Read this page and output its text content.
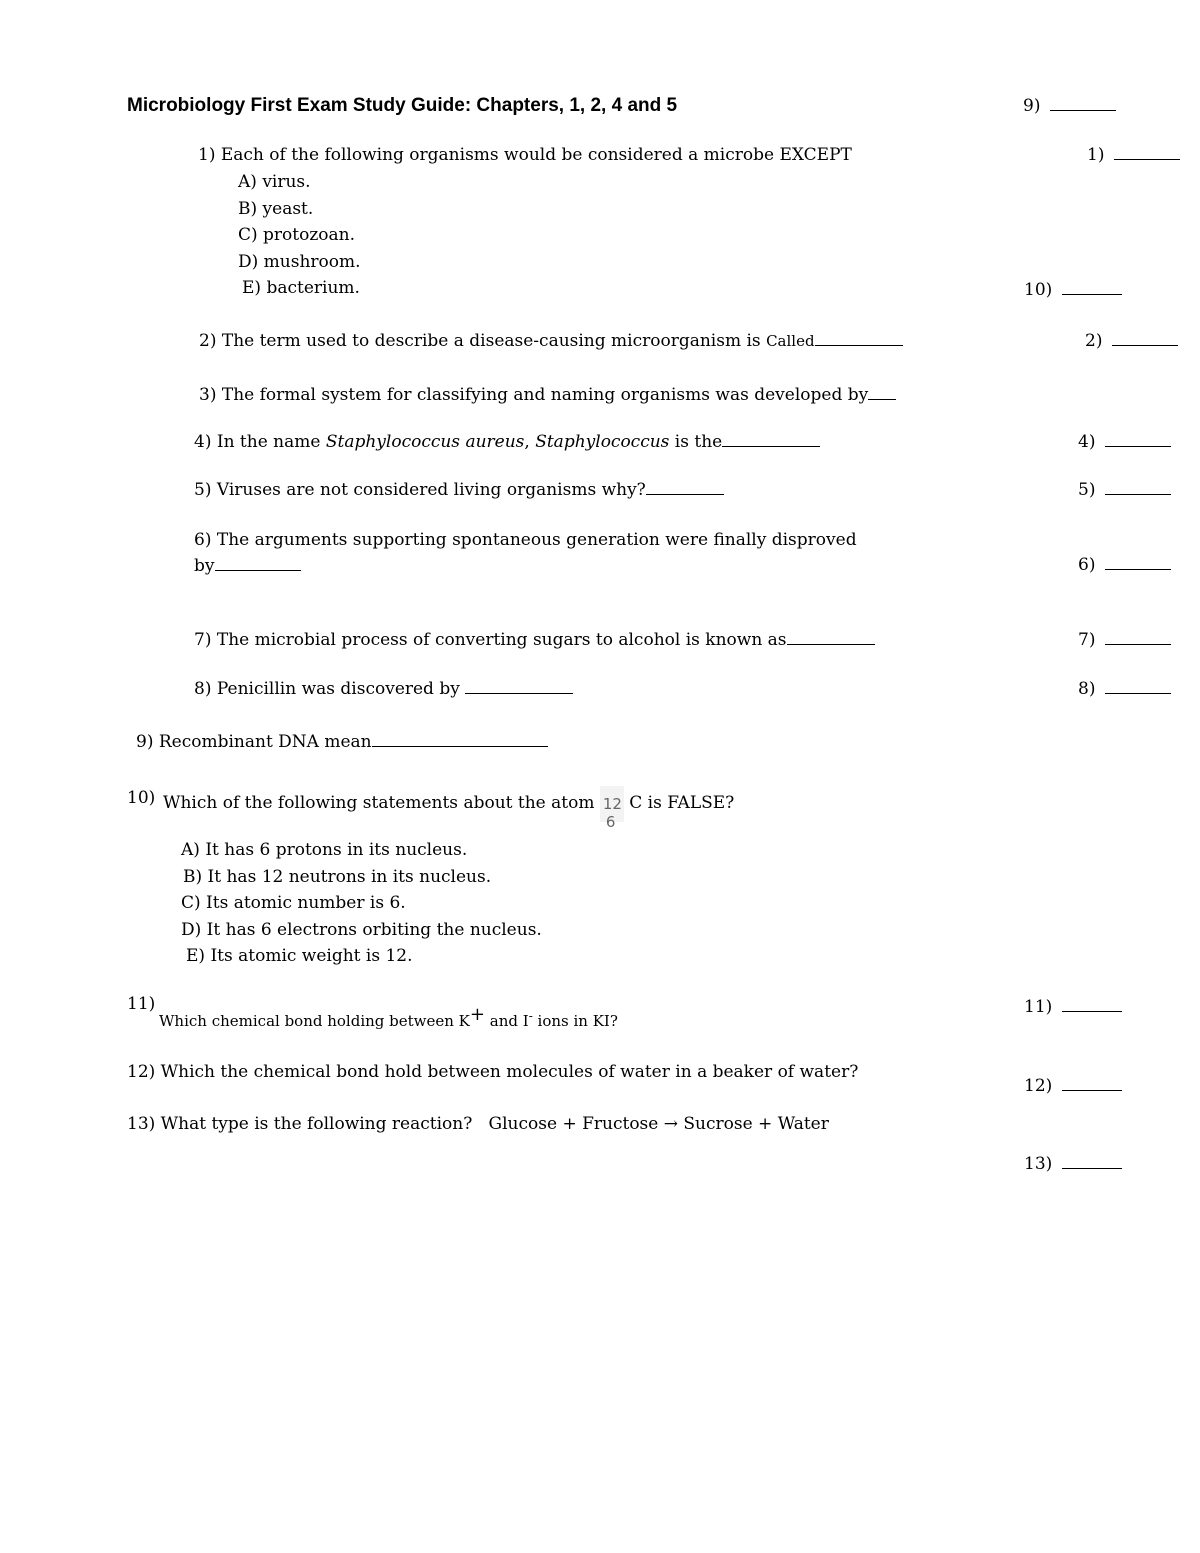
Microbiology First Exam Study Guide: Chapters, 1, 2, 4 and 5	9)
1)
10)
2)
4)
5)
6)
7)
8)
11)
12)
13)
1) Each of the following organisms would be considered a microbe EXCEPT
A) virus.
B) yeast.
C) protozoan.
D) mushroom.
E) bacterium.
2) The term used to describe a disease-causing microorganism is Called
3) The formal system for classifying and naming organisms was developed by
4) In the name Staphylococcus aureus, Staphylococcus is the
5) Viruses are not considered living organisms why?
6) The arguments supporting spontaneous generation were finally disproved
by
7) The microbial process of converting sugars to alcohol is known as
8) Penicillin was discovered by
9) Recombinant DNA mean
10) Which of the following statements about the atom 12
6
C is FALSE?
A) It has 6 protons in its nucleus.
B) It has 12 neutrons in its nucleus.
C) Its atomic number is 6.
D) It has 6 electrons orbiting the nucleus.
E) Its atomic weight is 12.
11)
Which chemical bond holding between K+ and I- ions in KI?
12) Which the chemical bond hold between molecules of water in a beaker of water?
13) What type is the following reaction?   Glucose + Fructose → Sucrose + Water
